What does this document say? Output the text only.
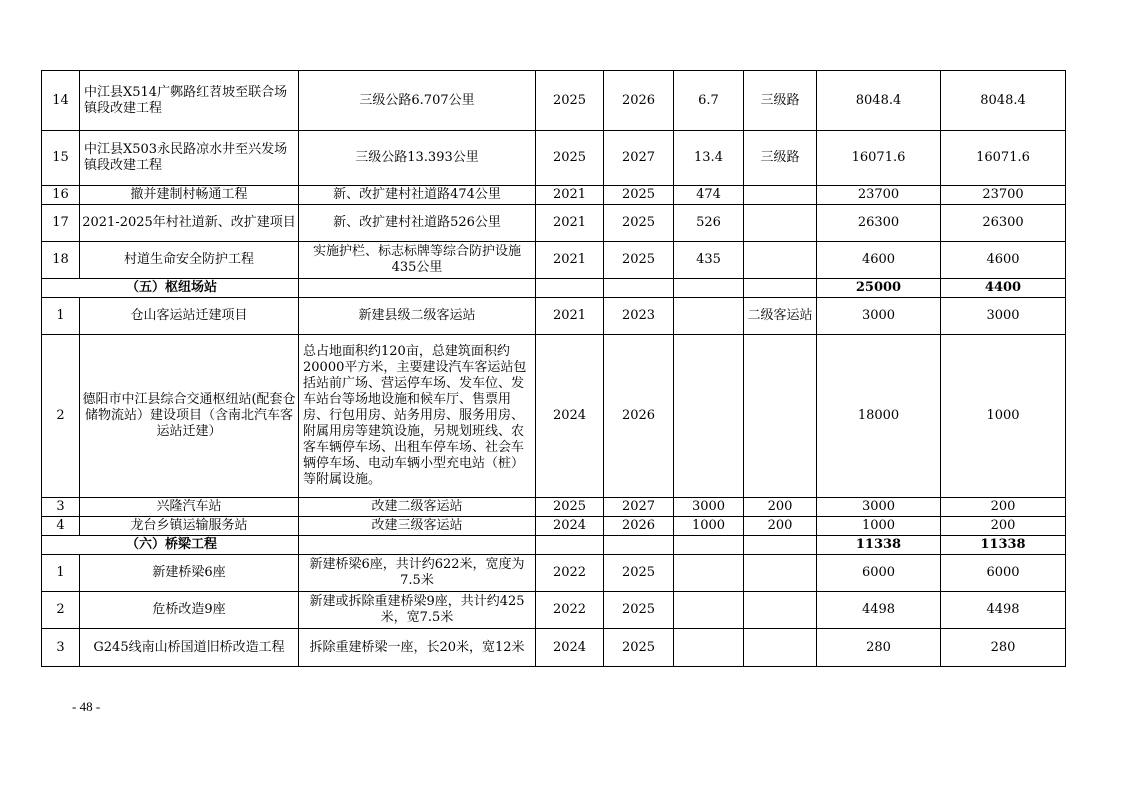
14	中江县X514广鄸路红苕坡至联合场镇段改建工程	三级公路6.707公里	2025	2026	6.7	三级路	8048.4	8048.4
15	中江县X503永民路凉水井至兴发场镇段改建工程	三级公路13.393公里	2025	2027	13.4	三级路	16071.6	16071.6
16	撤并建制村畅通工程	新、改扩建村社道路474公里	2021	2025	474		23700	23700
17	2021-2025年村社道新、改扩建项目	新、改扩建村社道路526公里	2021	2025	526		26300	26300
18	村道生命安全防护工程	实施护栏、标志标牌等综合防护设施435公里	2021	2025	435		4600	4600
（五）枢纽场站							25000	4400
1	仓山客运站迁建项目	新建县级二级客运站	2021	2023		二级客运站	3000	3000
2	德阳市中江县综合交通枢纽站(配套仓储物流站）建设项目（含南北汽车客运站迁建）	总占地面积约120亩，总建筑面积约20000平方米，主要建设汽车客运站包括站前广场、营运停车场、发车位、发车站台等场地设施和候车厅、售票用房、行包用房、站务用房、服务用房、附属用房等建筑设施，另规划班线、农客车辆停车场、出租车停车场、社会车辆停车场、电动车辆小型充电站（桩）等附属设施。	2024	2026			18000	1000
3	兴隆汽车站	改建二级客运站	2025	2027	3000	200	3000	200
4	龙台乡镇运输服务站	改建三级客运站	2024	2026	1000	200	1000	200
（六）桥梁工程							11338	11338
1	新建桥梁6座	新建桥梁6座，共计约622米，宽度为7.5米	2022	2025			6000	6000
2	危桥改造9座	新建或拆除重建桥梁9座，共计约425米，宽7.5米	2022	2025			4498	4498
3	G245线南山桥国道旧桥改造工程	拆除重建桥梁一座，长20米，宽12米	2024	2025			280	280
- 48 -
